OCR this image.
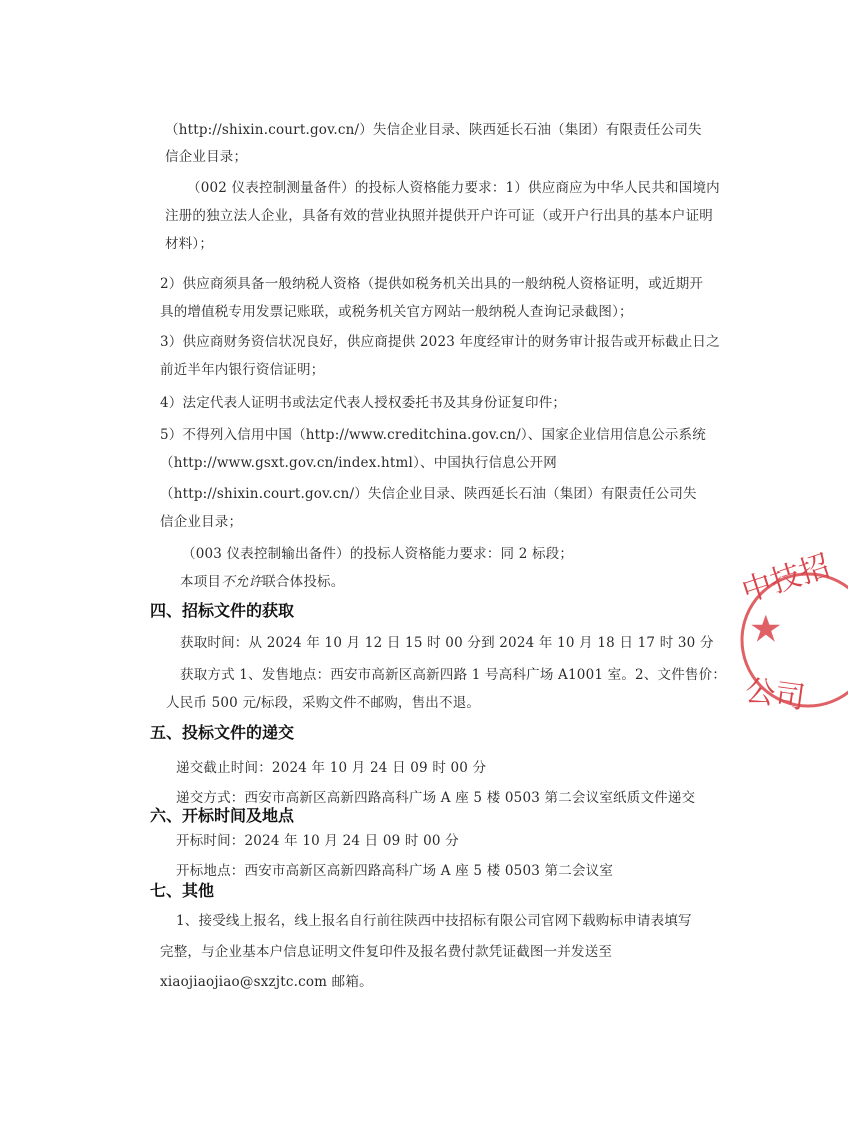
（http://shixin.court.gov.cn/）失信企业目录、陕西延长石油（集团）有限责任公司失
信企业目录；
（002 仪表控制测量备件）的投标人资格能力要求：1）供应商应为中华人民共和国境内
注册的独立法人企业，具备有效的营业执照并提供开户许可证（或开户行出具的基本户证明
材料）；
2）供应商须具备一般纳税人资格（提供如税务机关出具的一般纳税人资格证明，或近期开
具的增值税专用发票记账联，或税务机关官方网站一般纳税人查询记录截图）；
3）供应商财务资信状况良好，供应商提供 2023 年度经审计的财务审计报告或开标截止日之
前近半年内银行资信证明；
4）法定代表人证明书或法定代表人授权委托书及其身份证复印件；
5）不得列入信用中国（http://www.creditchina.gov.cn/）、国家企业信用信息公示系统
（http://www.gsxt.gov.cn/index.html）、中国执行信息公开网
（http://shixin.court.gov.cn/）失信企业目录、陕西延长石油（集团）有限责任公司失
信企业目录；
（003 仪表控制输出备件）的投标人资格能力要求：同 2 标段；
本项目不允许联合体投标。
四、招标文件的获取
获取时间：从 2024 年 10 月 12 日 15 时 00 分到 2024 年 10 月 18 日 17 时 30 分
获取方式 1、发售地点：西安市高新区高新四路 1 号高科广场 A1001 室。2、文件售价：
人民币 500 元/标段，采购文件不邮购，售出不退。
五、投标文件的递交
递交截止时间：2024 年 10 月 24 日 09 时 00 分
递交方式：西安市高新区高新四路高科广场 A 座 5 楼 0503 第二会议室纸质文件递交
六、开标时间及地点
开标时间：2024 年 10 月 24 日 09 时 00 分
开标地点：西安市高新区高新四路高科广场 A 座 5 楼 0503 第二会议室
七、其他
1、接受线上报名，线上报名自行前往陕西中技招标有限公司官网下载购标申请表填写
完整，与企业基本户信息证明文件复印件及报名费付款凭证截图一并发送至
xiaojiaojiao@sxzjtc.com 邮箱。
中技招
公司
